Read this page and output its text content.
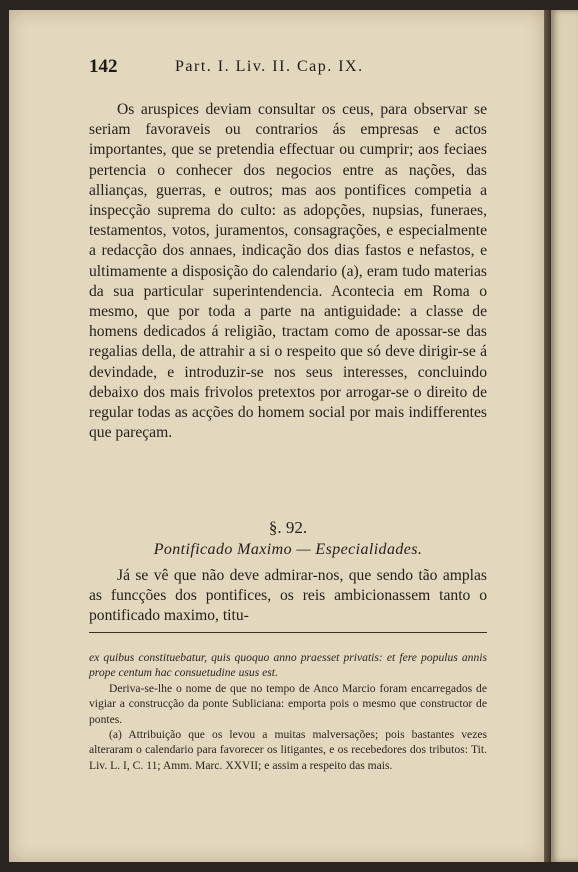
142	Part. I. Liv. II. Cap. IX.

Os aruspices deviam consultar os ceus, para observar se seriam favoraveis ou contrarios ás empresas e actos importantes, que se pretendia effectuar ou cumprir; aos feciaes pertencia o conhecer dos negocios entre as nações, das allianças, guerras, e outros; mas aos pontifices competia a inspecção suprema do culto: as adopções, nupsias, funeraes, testamentos, votos, juramentos, consagrações, e especialmente a redacção dos annaes, indicação dos dias fastos e nefastos, e ultimamente a disposição do calendario (a), eram tudo materias da sua particular superintendencia. Acontecia em Roma o mesmo, que por toda a parte na antiguidade: a classe de homens dedicados á religião, tractam como de apossar-se das regalias della, de attrahir a si o respeito que só deve dirigir-se á devindade, e introduzir-se nos seus interesses, concluindo debaixo dos mais frivolos pretextos por arrogar-se o direito de regular todas as acções do homem social por mais indifferentes que pareçam.

§. 92.
Pontificado Maximo — Especialidades.

Já se vê que não deve admirar-nos, que sendo tão amplas as funcções dos pontifices, os reis ambicionassem tanto o pontificado maximo, titu-

ex quibus constituebatur, quis quoquo anno praesset privatis: et fere populus annis prope centum hac consuetudine usus est.

Deriva-se-lhe o nome de que no tempo de Anco Marcio foram encarregados de vigiar a construcção da ponte Sublicianа: emporta pois o mesmo que constructor de pontes.

(a) Attribuição que os levou a muitas malversações; pois bastantes vezes alteraram o calendario para favorecer os litigantes, e os recebedores dos tributos: Tit. Liv. L. I, C. 11; Amm. Marc. XXVII; e assim a respeito das mais.
